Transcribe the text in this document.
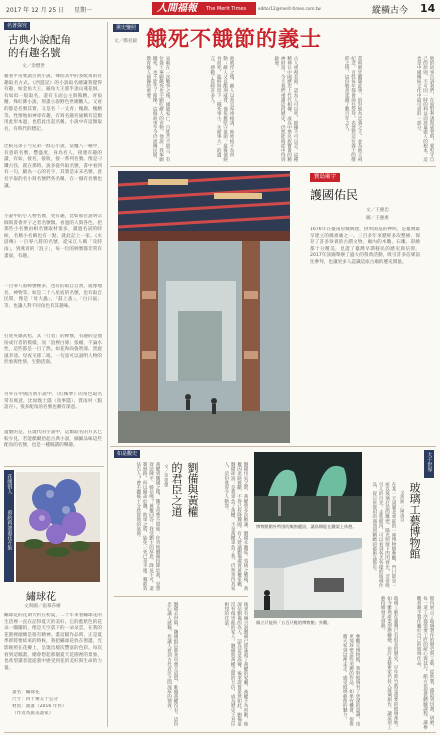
2017 年 12 月 25 日 星期一	人間福報 The Merit Times	editor12@merit-times.com.tw	縱橫古今 14
名著探究
古典小說配角
的有趣名號
文／余懋世
藉著平常要讀古典小說，聲問其中的多配角的有趣取名方式。《西遊記》的小說取名總讓我覺得有趣，如金角大王、銀角大王那乎頂山蓮花洞，有如似一般取名，還有玉面公主與熊精、青狼精、殊紅佛小說，刻畫小說野色世總觀人。又看的都是名號其實，又是名「一丈青」槐鹿、槐精等。性情地如神尋有趣，有寫名趣名通稱有這類用此形本過，也借此出起名稱。小說中有這類取名，有時代的標記。
比較兄弟子弓兄弟一群心小說，當魔八一種中，有意的名號，豐盛度，身為名人，接連有趣的讀，有如，接名，接收，接一系列名號。像是刁鑽古怪，就在那時。說多從外取名號，書中看到有一句，顯為一心的名字，其實是宋末名號，意名字取的名小寫名號們各名稱，在一個有名號也讓。
小說中的小人物名號，更有趣，比如那位說明宗師與書會弄子之者名號類。看過的人與各色，把那些小名號由相名號取材很多，讀過名詞的時候，名稱小名稱也有一點，就此記上一家。《水滸傳》一百零八將的名號，從宋江人稱「及時雨」，到燕青的「浪子」，每一位的綽號都非常有畫面，有趣。
一百零八將綽號極多，也有的取自自然，就像地名，神物等。如是二十八星宿的名號，也有取自民間，像是「母大蟲」、「鼓上蚤」、「白日鼠」等，也讓人對不同角色有其趣味。
打虎英雄武松，其「行者」的綽號，有趣的是他扮成行者的模樣，而「浪裡白條」張順，不論水性，這些都是一目了然。如花和尚魯智深、黑旋風李逵、母夜叉孫二娘，一句話可以說明人物的形象與性情，生動活潑。
另外在中國古典小說中，《紅樓夢》的角色取名常有寓意，比如甄士隱（真事隱）、賈雨村（假語存），很多配角的名號也頗有深意。
遺憾的是，在現代的小說中，這類取名的方式已較少見，若能偶爾拾起古典小說，細細品味這些配角的名號，也是一種閱讀的樂趣。
花開惜人
慕約莉油畫花卉集
繡球花
文與圖／張慕莎繪
繡球花的花期大約在初夏，二十年來看繡球花的生活裡一直在記得夏天的美好。它的藍紫色的花朵一團團的，像是天空落下的一朵朵雲，在我的花園裡頭總是很有精神。畫這幅作品時，正是夏季即將要結束的時候，我把繡球花放在窗邊，光影映照在花瓣上，呈現出層次豐富的色彩。每次看到這幅畫，總會想起那個夏天花園裡的景象，也希望讀者能從畫中感受到花的美好與生命的力量。
畫名：繡球花
尺寸：四十乘五十公分
材質：油畫（2016 年作）
（作者為旅美畫家）
黨史鑒照
文／鄭君毅 餓死不餓節的義士
宋朝在一次戰爭之後，國破家亡，百姓苦不堪言，有位義士寧願餓死也不願吃敵人的食物，他說：我寧願餓死，也不能失了節操。這個故事至今仍流傳民間，教育後人節操的重要。	他被俘之後，敵人以高官厚祿相誘，他始終不為所動；敵人又以酷刑威脅，他依舊堅守氣節。最後他絕食而死，臨終時留下「餓死事小，失節事大」的遺言，感動了當時許多人。	古人重視名節，認為人可以死，節操不可以丟。這種精神在中國歷史上代代相傳，成為中華民族寶貴的精神財富。今天我們重讀這段歷史，仍然能夠從中得到啟發。	當時朝廷聽聞此事，追封他為忠義之士，並為他立祠紀念。百姓每年都會前往祭拜，表達對這位義士的敬仰之情，這份敬意延續了數百年之久。	他的故事告訴我們，在面對利誘與威脅時，要堅守自己的原則，不可因一時的利益而放棄做人的根本。這也是中國傳統文化中最可貴的一部分。
寶島廟宇
護國佑民
文／王慶忠
圖／王慶惠
1676年在臺南府城興建，供奉開基的神明，是臺灣最早建立的媽祖廟之一。三百多年來歷經多次整修，保存了許多珍貴的古蹟文物。廟內的木雕、石雕、彩繪都十分精美，見證了臺灣早期移民的歷史與信仰。2017年該廟舉辦了盛大的祭典活動，吸引許多信眾前往參拜，也讓更多人認識這座古廟的歷史價值。
如是觀史
劉備與黃權
的君臣之道
文／余榮傑	劉備伐吳之際，黃權曾多次勸諫，劉備未聽從。夷陵之戰後，黃權因退路被斷，不得已投降魏國。有人建議劉備處置黃權家屬，劉備卻說：是我辜負了黃權，不是黃權辜負了我。仍然善待其家人，這份寬厚令人動容。
黃權到魏國之後，魏文帝曹丕問他：你背叛劉備投降於我，是想效法陳平、韓信嗎？黃權回答：我受劉主的厚恩，降吳不可，還蜀無路，所以歸命於魏。敗軍之將，能免一死已是幸運，哪敢效法古人？曹丕聽後十分欣賞他的氣節。
後來有傳言說劉備已經誅殺了黃權的家屬，黃權不為所動，他深信劉備的為人，認為這是謠傳。後來證實果然如此，劉備並沒有傷害他的家人。劉備與黃權之間的互信，成為歷史上君臣相知的佳話。
劉備去世時，魏國群臣都來向曹丕道賀，唯獨黃權沒有。這份忠心讓人感佩，也讓人看到古代君臣之間深厚的情義。
博物館館外特別的無窗邊設，讓鳥類能在鐵架上休憩。
偶立只能到「五百只鞋的博物館」外觀。
大千世界
玻璃工藝博物館
文與圖／陳淑芬
在某一天到臺北郊區的一座博物館參觀，門口即是一座以玻璃打造的雕塑，陽光照射下閃閃發光，非常吸引人的目光。走進館內，可以看到各式各樣的玻璃作品，從日常使用的器皿到精緻的藝術品都有。
館內展示了玻璃製作的歷史與工藝，從吹製、鑄造到切割、研磨，每一道工序都需要工匠的耐心與技巧。館方也提供體驗課程，讓參觀者親手製作屬於自己的玻璃作品。
玻璃工藝在臺灣已有很長的歷史，早年新竹就是重要的玻璃產地。如今雖然產業型態轉變，但許多藝術家仍投入玻璃創作，讓這項工藝持續發光發熱。
參觀完博物館，我對玻璃有了更深的認識，也更加珍惜這些美麗的作品。如果有機會，很推薦大家到這裡走走，感受玻璃藝術的魅力。
